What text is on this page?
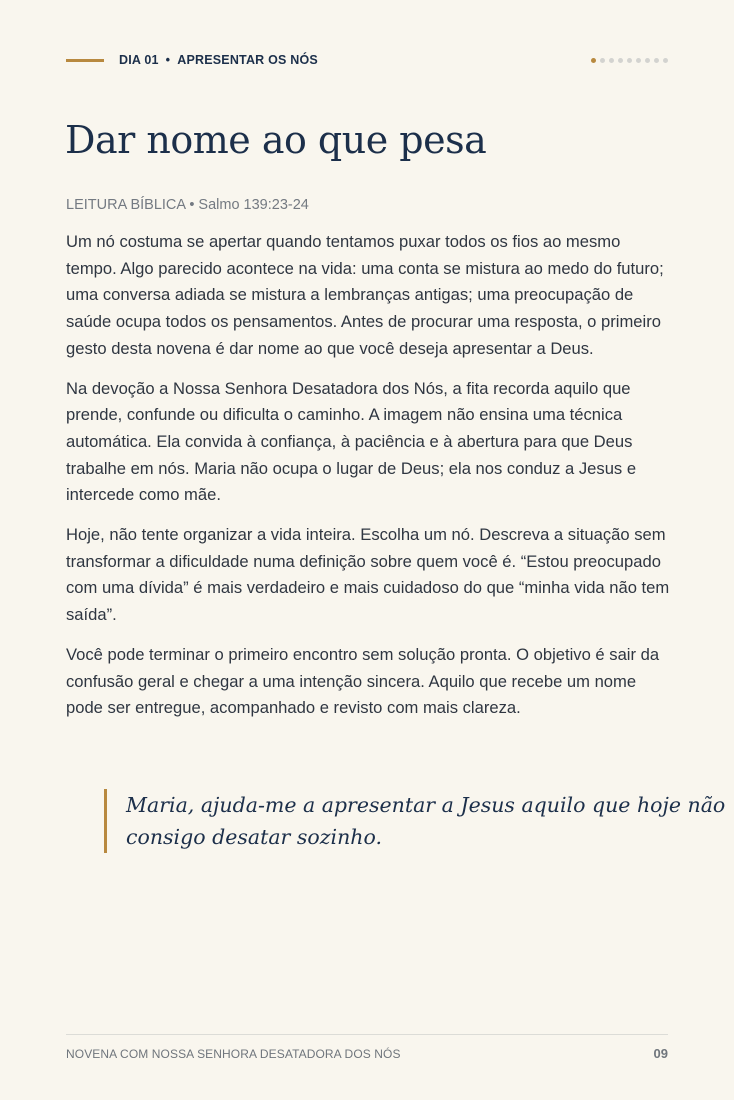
DIA 01 • APRESENTAR OS NÓS
Dar nome ao que pesa
LEITURA BÍBLICA • Salmo 139:23-24

Um nó costuma se apertar quando tentamos puxar todos os fios ao mesmo tempo. Algo parecido acontece na vida: uma conta se mistura ao medo do futuro; uma conversa adiada se mistura a lembranças antigas; uma preocupação de saúde ocupa todos os pensamentos. Antes de procurar uma resposta, o primeiro gesto desta novena é dar nome ao que você deseja apresentar a Deus.

Na devoção a Nossa Senhora Desatadora dos Nós, a fita recorda aquilo que prende, confunde ou dificulta o caminho. A imagem não ensina uma técnica automática. Ela convida à confiança, à paciência e à abertura para que Deus trabalhe em nós. Maria não ocupa o lugar de Deus; ela nos conduz a Jesus e intercede como mãe.

Hoje, não tente organizar a vida inteira. Escolha um nó. Descreva a situação sem transformar a dificuldade numa definição sobre quem você é. “Estou preocupado com uma dívida” é mais verdadeiro e mais cuidadoso do que “minha vida não tem saída”.

Você pode terminar o primeiro encontro sem solução pronta. O objetivo é sair da confusão geral e chegar a uma intenção sincera. Aquilo que recebe um nome pode ser entregue, acompanhado e revisto com mais clareza.

Maria, ajuda-me a apresentar a Jesus aquilo que hoje não consigo desatar sozinho.
NOVENA COM NOSSA SENHORA DESATADORA DOS NÓS	09
